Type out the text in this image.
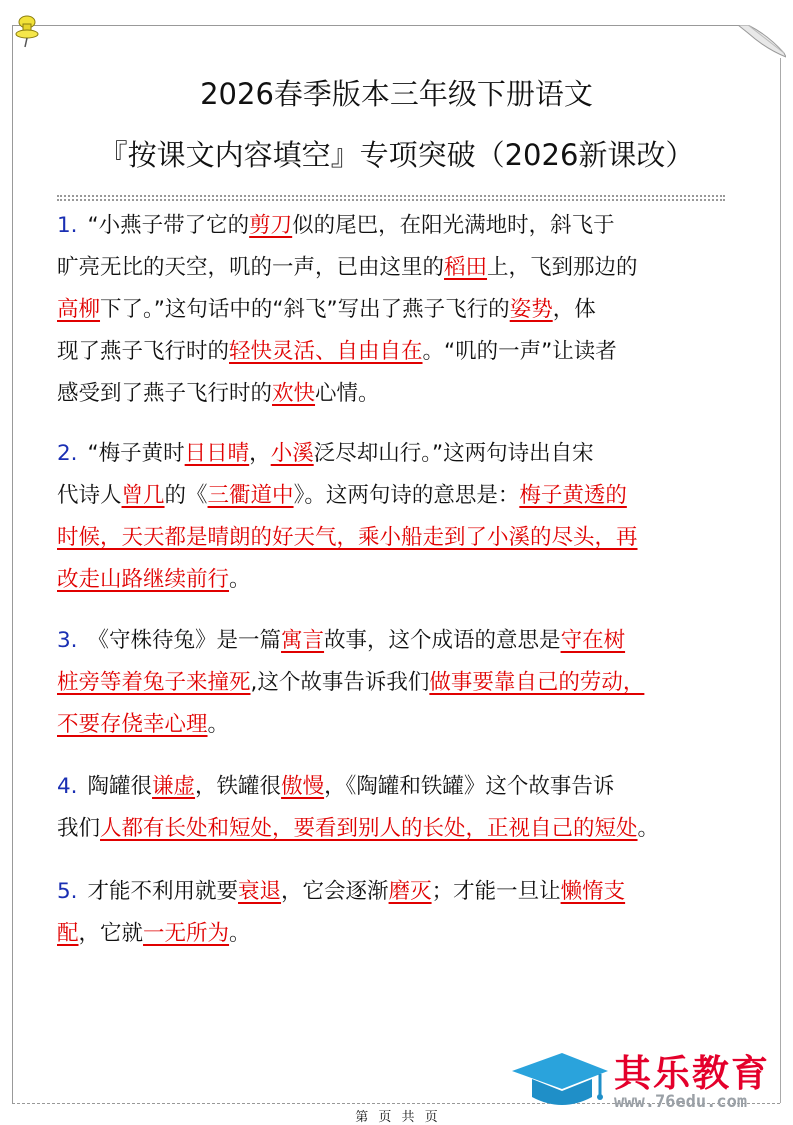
2026春季版本三年级下册语文
『按课文内容填空』专项突破（2026新课改）
1. “小燕子带了它的剪刀似的尾巴，在阳光满地时，斜飞于
旷亮无比的天空，叽的一声，已由这里的稻田上，飞到那边的
高柳下了。”这句话中的“斜飞”写出了燕子飞行的姿势，体
现了燕子飞行时的轻快灵活、自由自在。“叽的一声”让读者
感受到了燕子飞行时的欢快心情。
2. “梅子黄时日日晴，小溪泛尽却山行。”这两句诗出自宋
代诗人曾几的《三衢道中》。这两句诗的意思是：梅子黄透的
时候，天天都是晴朗的好天气，乘小船走到了小溪的尽头，再
改走山路继续前行。
3. 《守株待兔》是一篇寓言故事，这个成语的意思是守在树
桩旁等着兔子来撞死,这个故事告诉我们做事要靠自己的劳动，
不要存侥幸心理。
4. 陶罐很谦虚，铁罐很傲慢，《陶罐和铁罐》这个故事告诉
我们人都有长处和短处，要看到别人的长处，正视自己的短处。
5. 才能不利用就要衰退，它会逐渐磨灭；才能一旦让懒惰支
配，它就一无所为。
其乐教育
www.76edu.com
第 页 共 页
